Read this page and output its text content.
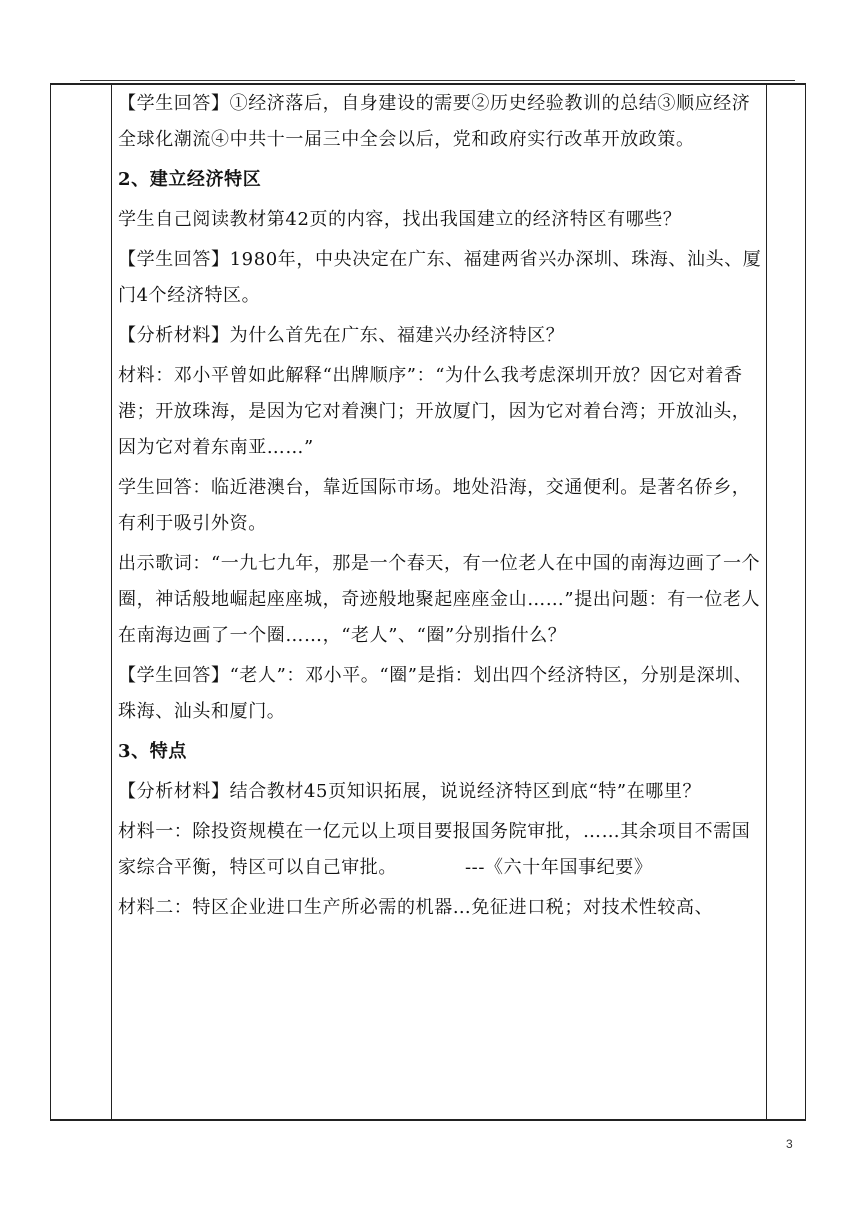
【学生回答】①经济落后，自身建设的需要②历史经验教训的总结③顺应经济全球化潮流④中共十一届三中全会以后，党和政府实行改革开放政策。

2、建立经济特区

学生自己阅读教材第42页的内容，找出我国建立的经济特区有哪些？

【学生回答】1980年，中央决定在广东、福建两省兴办深圳、珠海、汕头、厦门4个经济特区。

【分析材料】为什么首先在广东、福建兴办经济特区？

材料：邓小平曾如此解释“出牌顺序”：“为什么我考虑深圳开放？因它对着香港；开放珠海，是因为它对着澳门；开放厦门，因为它对着台湾；开放汕头，因为它对着东南亚……”

学生回答：临近港澳台，靠近国际市场。地处沿海，交通便利。是著名侨乡，有利于吸引外资。

出示歌词：“一九七九年，那是一个春天，有一位老人在中国的南海边画了一个圈，神话般地崛起座座城，奇迹般地聚起座座金山……”提出问题：有一位老人在南海边画了一个圈……，“老人”、“圈”分别指什么？

【学生回答】“老人”：邓小平。“圈”是指：划出四个经济特区，分别是深圳、珠海、汕头和厦门。

3、特点

【分析材料】结合教材45页知识拓展，说说经济特区到底“特”在哪里？

材料一：除投资规模在一亿元以上项目要报国务院审批，……其余项目不需国家综合平衡，特区可以自己审批。	---《六十年国事纪要》

材料二：特区企业进口生产所必需的机器…免征进口税；对技术性较高、

3
